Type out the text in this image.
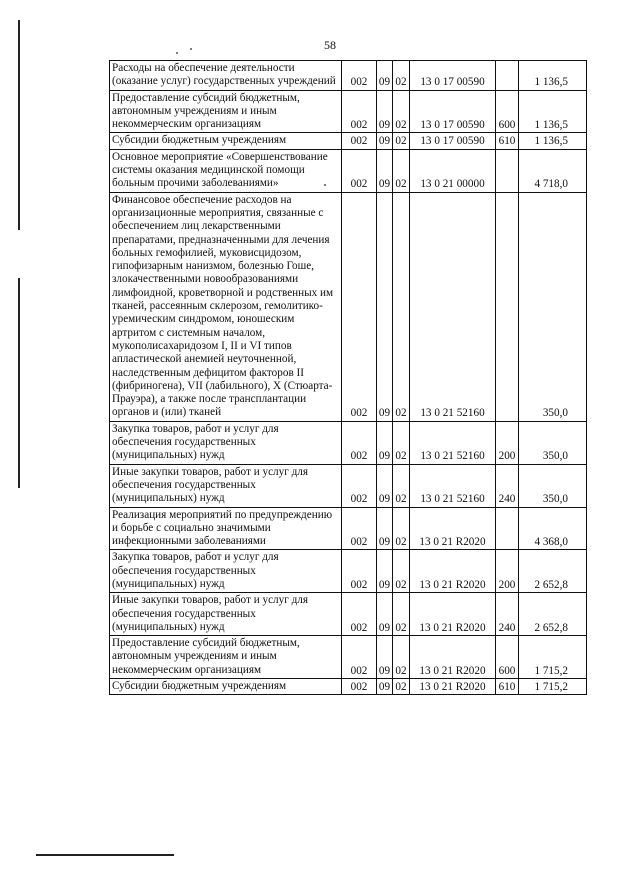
58
Расходы на обеспечение деятельности (оказание услуг) государственных учреждений	002	09	02	13 0 17 00590		1 136,5
Предоставление субсидий бюджетным, автономным учреждениям и иным некоммерческим организациям	002	09	02	13 0 17 00590	600	1 136,5
Субсидии бюджетным учреждениям	002	09	02	13 0 17 00590	610	1 136,5
Основное мероприятие «Совершенствование системы оказания медицинской помощи больным прочими заболеваниями»	002	09	02	13 0 21 00000		4 718,0
Финансовое обеспечение расходов на организационные мероприятия, связанные с обеспечением лиц лекарственными препаратами, предназначенными для лечения больных гемофилией, муковисцидозом, гипофизарным нанизмом, болезнью Гоше, злокачественными новообразованиями лимфоидной, кроветворной и родственных им тканей, рассеянным склерозом, гемолитико-уремическим синдромом, юношеским артритом с системным началом, мукополисахаридозом I, II и VI типов апластической анемией неуточненной, наследственным дефицитом факторов II (фибриногена), VII (лабильного), X (Стюарта-Прауэра), а также после трансплантации органов и (или) тканей	002	09	02	13 0 21 52160		350,0
Закупка товаров, работ и услуг для обеспечения государственных (муниципальных) нужд	002	09	02	13 0 21 52160	200	350,0
Иные закупки товаров, работ и услуг для обеспечения государственных (муниципальных) нужд	002	09	02	13 0 21 52160	240	350,0
Реализация мероприятий по предупреждению и борьбе с социально значимыми инфекционными заболеваниями	002	09	02	13 0 21 R2020		4 368,0
Закупка товаров, работ и услуг для обеспечения государственных (муниципальных) нужд	002	09	02	13 0 21 R2020	200	2 652,8
Иные закупки товаров, работ и услуг для обеспечения государственных (муниципальных) нужд	002	09	02	13 0 21 R2020	240	2 652,8
Предоставление субсидий бюджетным, автономным учреждениям и иным некоммерческим организациям	002	09	02	13 0 21 R2020	600	1 715,2
Субсидии бюджетным учреждениям	002	09	02	13 0 21 R2020	610	1 715,2
